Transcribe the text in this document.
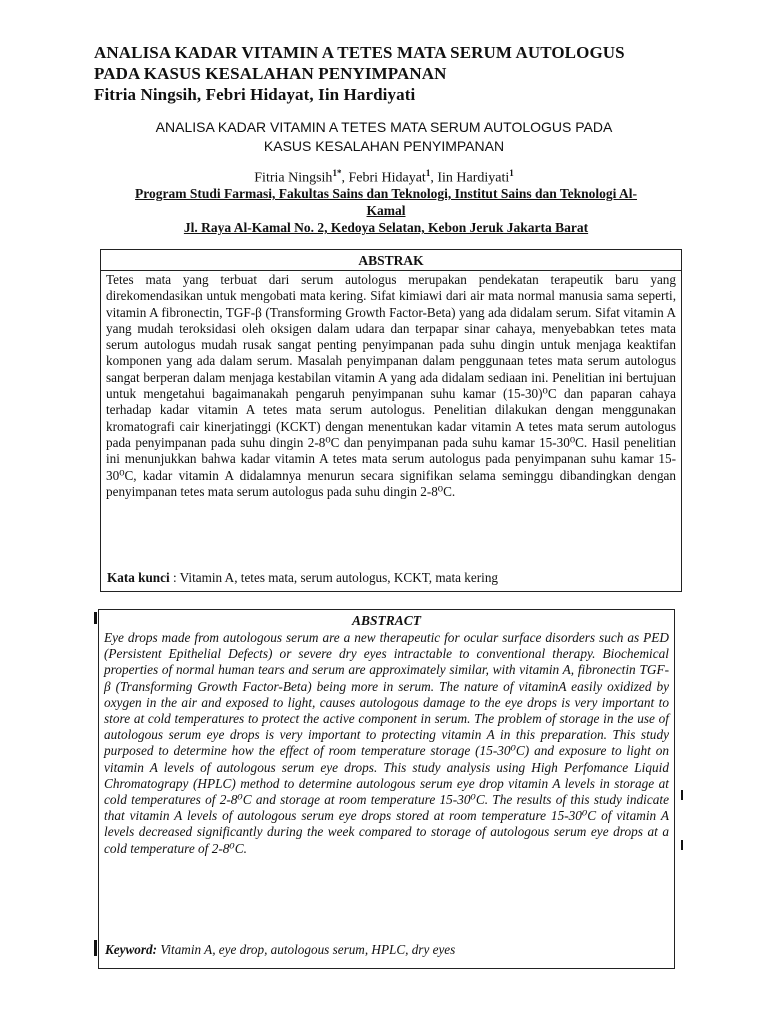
ANALISA KADAR VITAMIN A TETES MATA SERUM AUTOLOGUS
PADA KASUS KESALAHAN PENYIMPANAN
Fitria Ningsih, Febri Hidayat, Iin Hardiyati
ANALISA KADAR VITAMIN A TETES MATA SERUM AUTOLOGUS PADA
KASUS KESALAHAN PENYIMPANAN
Fitria Ningsih$^{1*}$, Febri Hidayat$^1$, Iin Hardiyati$^1$
Program Studi Farmasi, Fakultas Sains dan Teknologi, Institut Sains dan Teknologi Al-
Kamal
Jl. Raya Al-Kamal No. 2, Kedoya Selatan, Kebon Jeruk Jakarta Barat
ABSTRAK
Tetes mata yang terbuat dari serum autologus merupakan pendekatan terapeutik baru yang direkomendasikan untuk mengobati mata kering. Sifat kimiawi dari air mata normal manusia sama seperti, vitamin A fibronectin, TGF-β (Transforming Growth Factor-Beta) yang ada didalam serum. Sifat vitamin A yang mudah teroksidasi oleh oksigen dalam udara dan terpapar sinar cahaya, menyebabkan tetes mata serum autologus mudah rusak sangat penting penyimpanan pada suhu dingin untuk menjaga keaktifan komponen yang ada dalam serum. Masalah penyimpanan dalam penggunaan tetes mata serum autologus sangat berperan dalam menjaga kestabilan vitamin A yang ada didalam sediaan ini. Penelitian ini bertujuan untuk mengetahui bagaimanakah pengaruh penyimpanan suhu kamar (15-30)⁰C dan paparan cahaya terhadap kadar vitamin A tetes mata serum autologus. Penelitian dilakukan dengan menggunakan kromatografi cair kinerjatinggi (KCKT) dengan menentukan kadar vitamin A tetes mata serum autologus pada penyimpanan pada suhu dingin 2-8⁰C dan penyimpanan pada suhu kamar 15-30⁰C. Hasil penelitian ini menunjukkan bahwa kadar vitamin A tetes mata serum autologus pada penyimpanan suhu kamar 15-30⁰C, kadar vitamin A didalamnya menurun secara signifikan selama seminggu dibandingkan dengan penyimpanan tetes mata serum autologus pada suhu dingin 2-8⁰C.
Kata kunci : Vitamin A, tetes mata, serum autologus, KCKT, mata kering
ABSTRACT
Eye drops made from autologous serum are a new therapeutic for ocular surface disorders such as PED (Persistent Epithelial Defects) or severe dry eyes intractable to conventional therapy. Biochemical properties of normal human tears and serum are approximately similar, with vitamin A, fibronectin TGF-β (Transforming Growth Factor-Beta) being more in serum. The nature of vitaminA easily oxidized by oxygen in the air and exposed to light, causes autologous damage to the eye drops is very important to store at cold temperatures to protect the active component in serum. The problem of storage in the use of autologous serum eye drops is very important to protecting vitamin A in this preparation. This study purposed to determine how the effect of room temperature storage (15-30⁰C) and exposure to light on vitamin A levels of autologous serum eye drops. This study analysis using High Perfomance Liquid Chromatograpy (HPLC) method to determine autologous serum eye drop vitamin A levels in storage at cold temperatures of 2-8⁰C and storage at room temperature 15-30⁰C. The results of this study indicate that vitamin A levels of autologous serum eye drops stored at room temperature 15-30⁰C of vitamin A levels decreased significantly during the week compared to storage of autologous serum eye drops at a cold temperature of 2-8⁰C.
Keyword: Vitamin A, eye drop, autologous serum, HPLC, dry eyes
